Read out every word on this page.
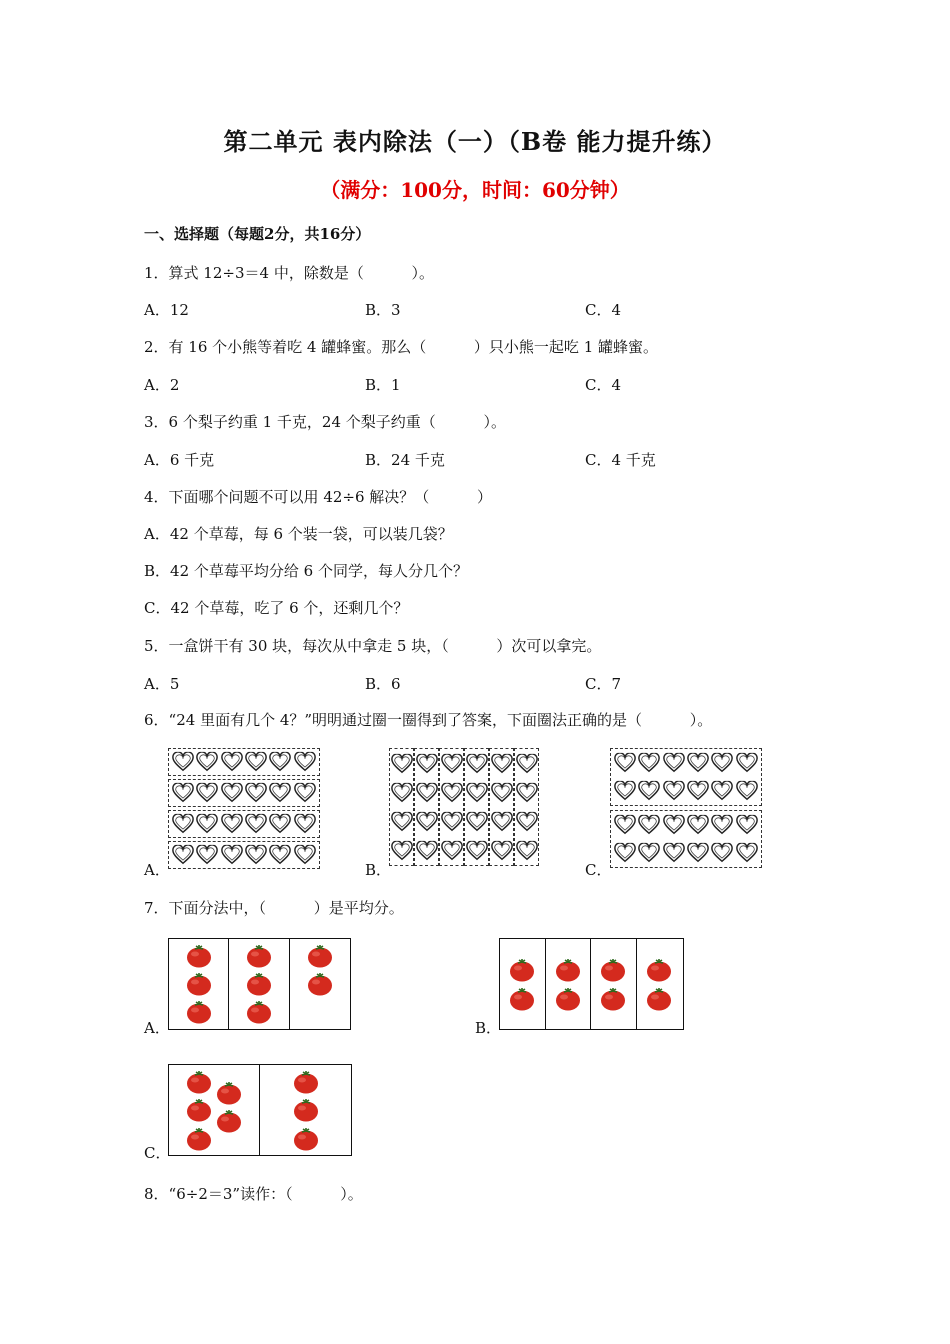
第二单元 表内除法（一）（B卷 能力提升练）
（满分：100分，时间：60分钟）
一、选择题（每题2分，共16分）
1．算式 12÷3＝4 中，除数是（          ）。
A．12	B．3	C．4
2．有 16 个小熊等着吃 4 罐蜂蜜。那么（          ）只小熊一起吃 1 罐蜂蜜。
A．2	B．1	C．4
3．6 个梨子约重 1 千克，24 个梨子约重（          ）。
A．6 千克	B．24 千克	C．4 千克
4．下面哪个问题不可以用 42÷6 解决？（          ）
A．42 个草莓，每 6 个装一袋，可以装几袋？
B．42 个草莓平均分给 6 个同学，每人分几个？
C．42 个草莓，吃了 6 个，还剩几个？
5．一盒饼干有 30 块，每次从中拿走 5 块，（          ）次可以拿完。
A．5	B．6	C．7
6．“24 里面有几个 4？”明明通过圈一圈得到了答案，下面圈法正确的是（          ）。
A．	B．	C．
7．下面分法中，（          ）是平均分。
A．	B．
C．
8．“6÷2＝3”读作：（          ）。
